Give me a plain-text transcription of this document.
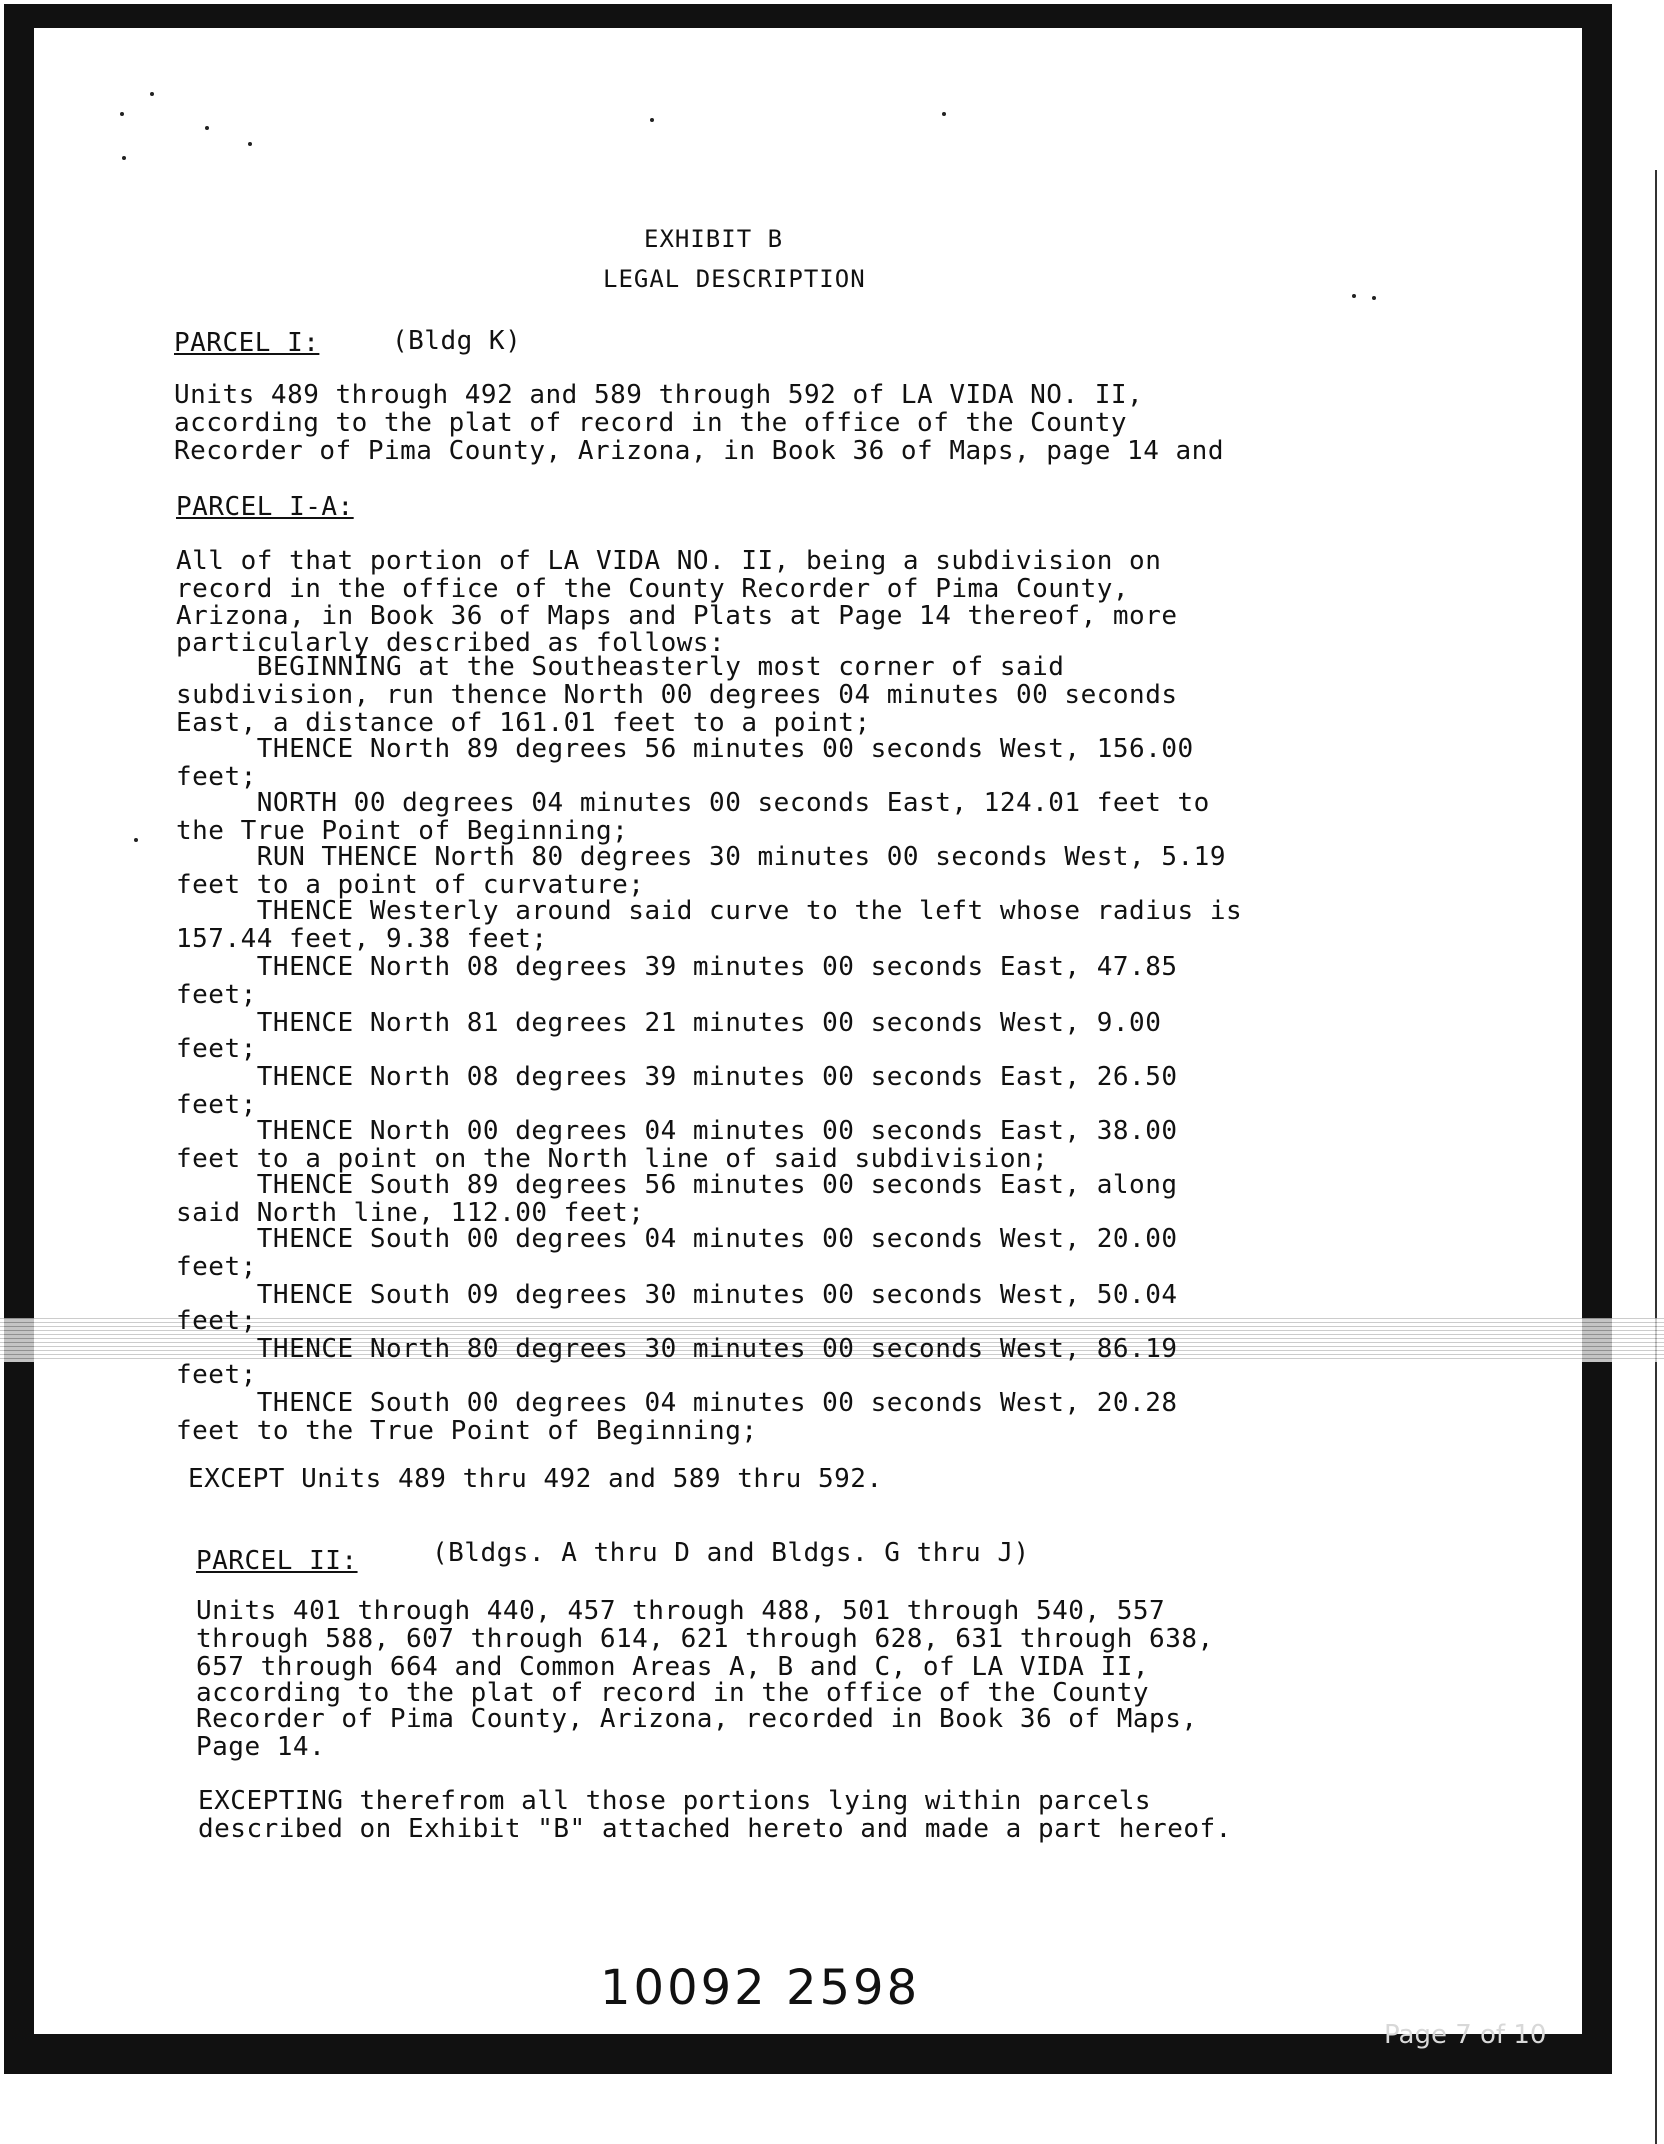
EXHIBIT B
LEGAL DESCRIPTION
PARCEL I:	(Bldg K)
Units 489 through 492 and 589 through 592 of LA VIDA NO. II,
according to the plat of record in the office of the County
Recorder of Pima County, Arizona, in Book 36 of Maps, page 14 and
PARCEL I-A:
All of that portion of LA VIDA NO. II, being a subdivision on
record in the office of the County Recorder of Pima County,
Arizona, in Book 36 of Maps and Plats at Page 14 thereof, more
particularly described as follows:
BEGINNING at the Southeasterly most corner of said
subdivision, run thence North 00 degrees 04 minutes 00 seconds
East, a distance of 161.01 feet to a point;
THENCE North 89 degrees 56 minutes 00 seconds West, 156.00
feet;
NORTH 00 degrees 04 minutes 00 seconds East, 124.01 feet to
the True Point of Beginning;
RUN THENCE North 80 degrees 30 minutes 00 seconds West, 5.19
feet to a point of curvature;
THENCE Westerly around said curve to the left whose radius is
157.44 feet, 9.38 feet;
THENCE North 08 degrees 39 minutes 00 seconds East, 47.85
feet;
THENCE North 81 degrees 21 minutes 00 seconds West, 9.00
feet;
THENCE North 08 degrees 39 minutes 00 seconds East, 26.50
feet;
THENCE North 00 degrees 04 minutes 00 seconds East, 38.00
feet to a point on the North line of said subdivision;
THENCE South 89 degrees 56 minutes 00 seconds East, along
said North line, 112.00 feet;
THENCE South 00 degrees 04 minutes 00 seconds West, 20.00
feet;
THENCE South 09 degrees 30 minutes 00 seconds West, 50.04
feet;
THENCE North 80 degrees 30 minutes 00 seconds West, 86.19
feet;
THENCE South 00 degrees 04 minutes 00 seconds West, 20.28
feet to the True Point of Beginning;
EXCEPT Units 489 thru 492 and 589 thru 592.
PARCEL II:	(Bldgs. A thru D and Bldgs. G thru J)
Units 401 through 440, 457 through 488, 501 through 540, 557
through 588, 607 through 614, 621 through 628, 631 through 638,
657 through 664 and Common Areas A, B and C, of LA VIDA II,
according to the plat of record in the office of the County
Recorder of Pima County, Arizona, recorded in Book 36 of Maps,
Page 14.
EXCEPTING therefrom all those portions lying within parcels
described on Exhibit "B" attached hereto and made a part hereof.
10092 2598
Page 7 of 10
